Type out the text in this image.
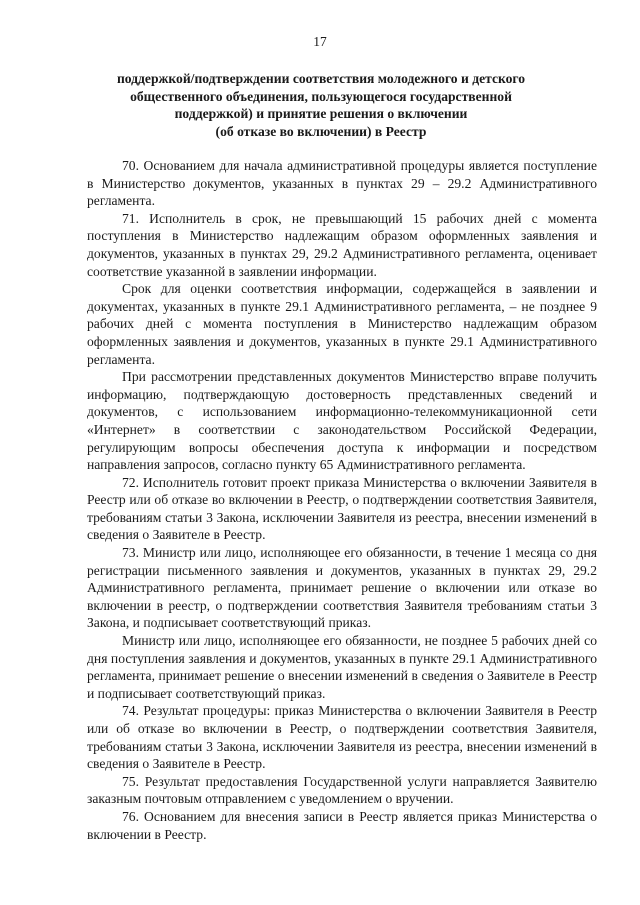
17
поддержкой/подтверждении соответствия молодежного и детского
общественного объединения, пользующегося государственной
поддержкой) и принятие решения о включении
(об отказе во включении) в Реестр

70. Основанием для начала административной процедуры является поступление в Министерство документов, указанных в пунктах 29 – 29.2 Административного регламента.

71. Исполнитель в срок, не превышающий 15 рабочих дней с момента поступления в Министерство надлежащим образом оформленных заявления и документов, указанных в пунктах 29, 29.2 Административного регламента, оценивает соответствие указанной в заявлении информации.

Срок для оценки соответствия информации, содержащейся в заявлении и документах, указанных в пункте 29.1 Административного регламента, – не позднее 9 рабочих дней с момента поступления в Министерство надлежащим образом оформленных заявления и документов, указанных в пункте 29.1 Административного регламента.

При рассмотрении представленных документов Министерство вправе получить информацию, подтверждающую достоверность представленных сведений и документов, с использованием информационно-телекоммуникационной сети «Интернет» в соответствии с законодательством Российской Федерации, регулирующим вопросы обеспечения доступа к информации и посредством направления запросов, согласно пункту 65 Административного регламента.

72. Исполнитель готовит проект приказа Министерства о включении Заявителя в Реестр или об отказе во включении в Реестр, о подтверждении соответствия Заявителя, требованиям статьи 3 Закона, исключении Заявителя из реестра, внесении изменений в сведения о Заявителе в Реестр.

73. Министр или лицо, исполняющее его обязанности, в течение 1 месяца со дня регистрации письменного заявления и документов, указанных в пунктах 29, 29.2 Административного регламента, принимает решение о включении или отказе во включении в реестр, о подтверждении соответствия Заявителя требованиям статьи 3 Закона, и подписывает соответствующий приказ.

Министр или лицо, исполняющее его обязанности, не позднее 5 рабочих дней со дня поступления заявления и документов, указанных в пункте 29.1 Административного регламента, принимает решение о внесении изменений в сведения о Заявителе в Реестр и подписывает соответствующий приказ.

74. Результат процедуры: приказ Министерства о включении Заявителя в Реестр или об отказе во включении в Реестр, о подтверждении соответствия Заявителя, требованиям статьи 3 Закона, исключении Заявителя из реестра, внесении изменений в сведения о Заявителе в Реестр.

75. Результат предоставления Государственной услуги направляется Заявителю заказным почтовым отправлением с уведомлением о вручении.

76. Основанием для внесения записи в Реестр является приказ Министерства о включении в Реестр.
